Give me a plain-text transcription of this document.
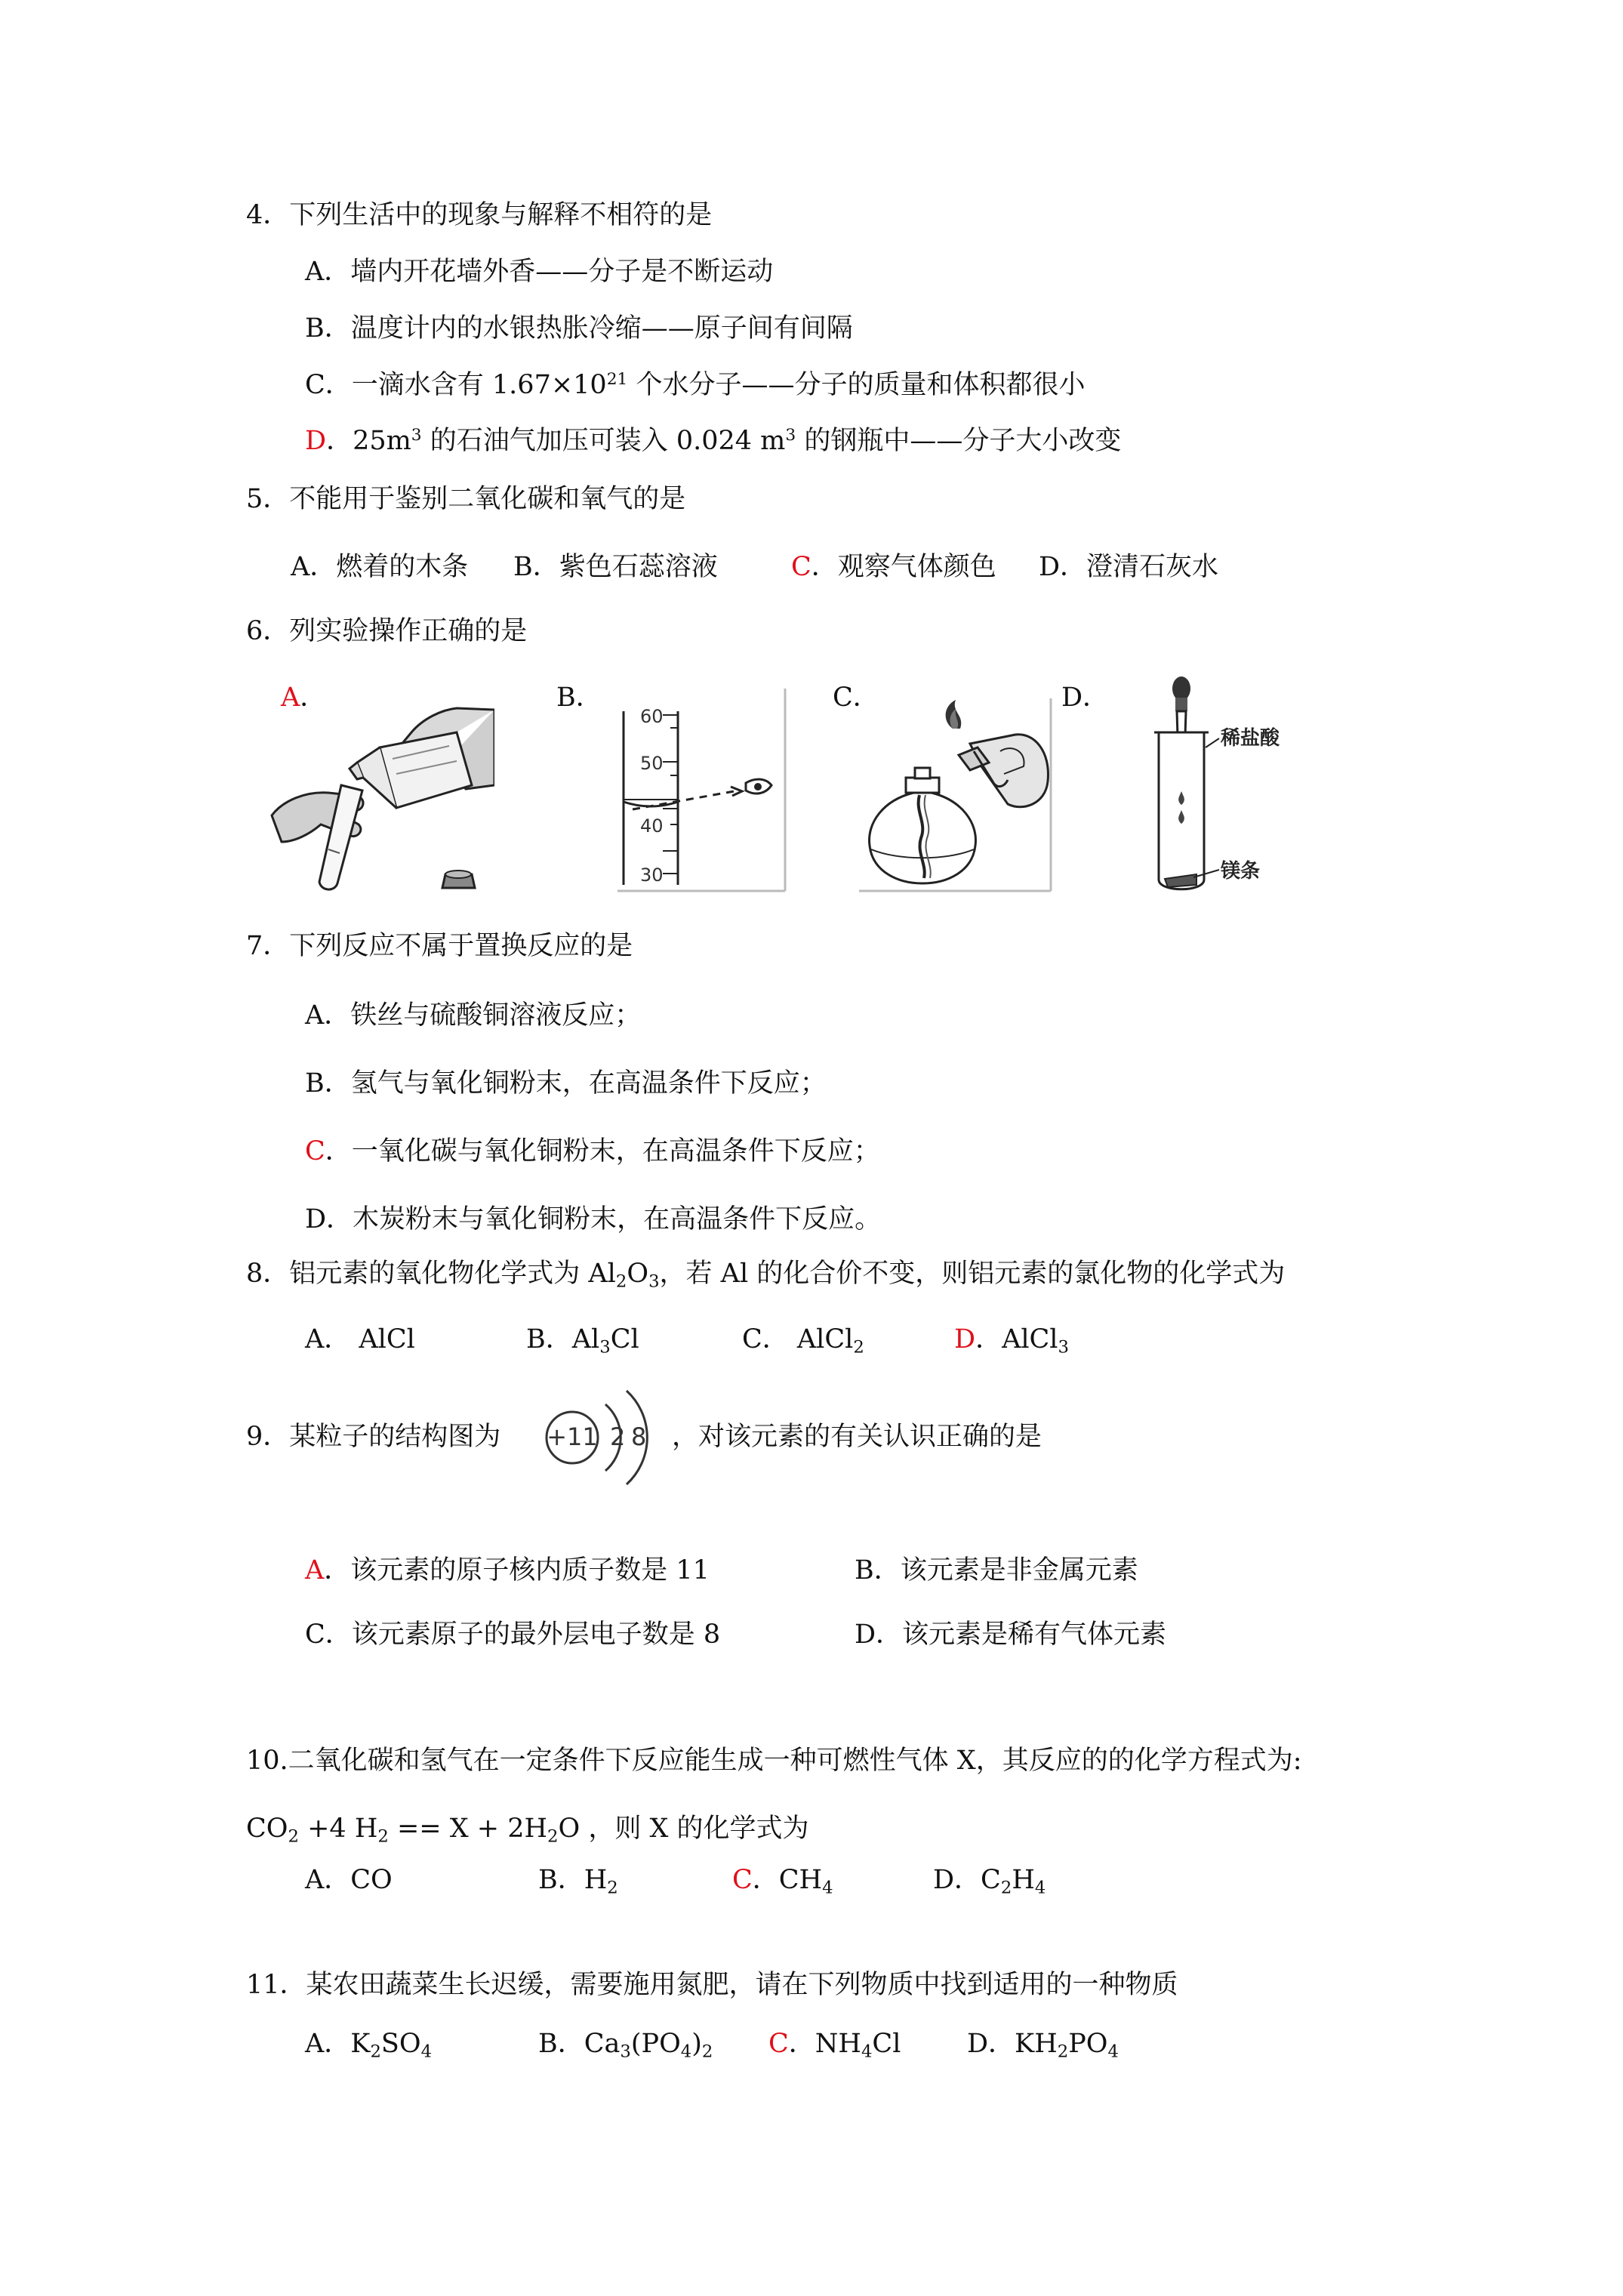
4．下列生活中的现象与解释不相符的是
A．墙内开花墙外香——分子是不断运动
B．温度计内的水银热胀冷缩——原子间有间隔
C．一滴水含有 $1.67\times 10^{21}$ 个水分子——分子的质量和体积都很小
D．$25m^3$ 的石油气加压可装入 0.024 $m^3$ 的钢瓶中——分子大小改变
5．不能用于鉴别二氧化碳和氧气的是
A．燃着的木条 B．紫色石蕊溶液	C．观察气体颜色 D．澄清石灰水
6．列实验操作正确的是
A．	B．	C．	D．
60
50
40
30
稀盐酸
镁条
7．下列反应不属于置换反应的是
A．铁丝与硫酸铜溶液反应；
B．氢气与氧化铜粉末，在高温条件下反应；
C．一氧化碳与氧化铜粉末，在高温条件下反应；
D．木炭粉末与氧化铜粉末，在高温条件下反应。
8．铝元素的氧化物化学式为 $Al_2O_3$，若 Al 的化合价不变，则铝元素的氯化物的化学式为
A． AlCl	B．$Al_3Cl$	C． AlCl$_2$	D．AlCl$_3$
9．某粒子的结构图为 +11 2 8 ，对该元素的有关认识正确的是
A．该元素的原子核内质子数是 11	B．该元素是非金属元素
C．该元素原子的最外层电子数是 8	D．该元素是稀有气体元素
10.二氧化碳和氢气在一定条件下反应能生成一种可燃性气体 X，其反应的的化学方程式为:
$CO_2 +4$ $H_2 == X + 2H_2O$ ，则 X 的化学式为
A．CO	B．$H_2$	C．$CH_4$	D．$C_2H_4$
11．某农田蔬菜生长迟缓，需要施用氮肥，请在下列物质中找到适用的一种物质
A．$K_2SO_4$	B．$Ca_3(PO_4)_2$ C．$NH_4Cl$	D．$KH_2PO_4$
